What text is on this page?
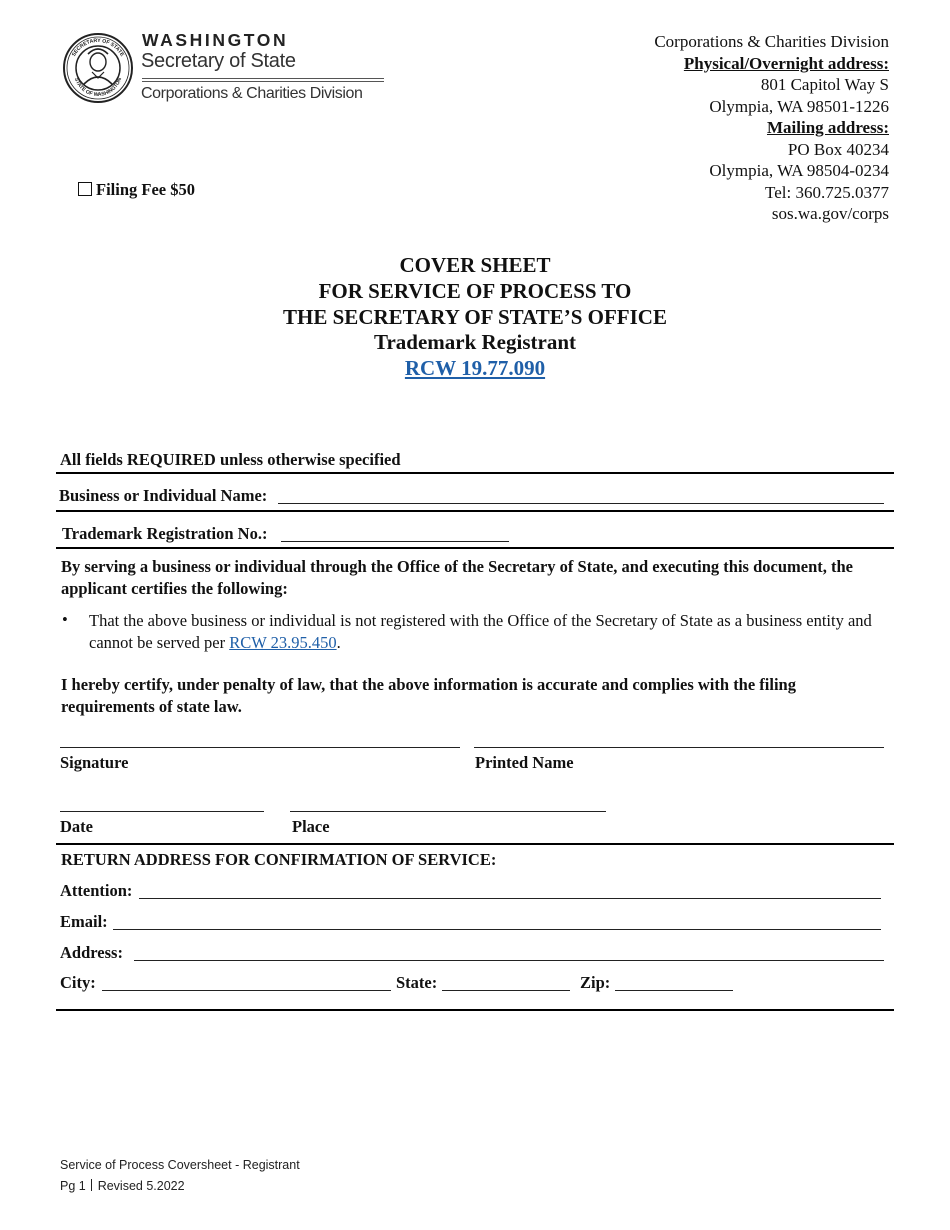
SECRETARY OF STATE
STATE OF WASHINGTON
WASHINGTON
Secretary of State
Corporations & Charities Division
Corporations & Charities Division
Physical/Overnight address:
801 Capitol Way S
Olympia, WA 98501-1226
Mailing address:
PO Box 40234
Olympia, WA 98504-0234
Tel: 360.725.0377
sos.wa.gov/corps
Filing Fee $50
COVER SHEET
FOR SERVICE OF PROCESS TO
THE SECRETARY OF STATE’S OFFICE
Trademark Registrant
RCW 19.77.090
All fields REQUIRED unless otherwise specified
Business or Individual Name:
Trademark Registration No.:
By serving a business or individual through the Office of the Secretary of State, and executing this document, the applicant certifies the following:
• That the above business or individual is not registered with the Office of the Secretary of State as a business entity and cannot be served per RCW 23.95.450.
I hereby certify, under penalty of law, that the above information is accurate and complies with the filing requirements of state law.
Signature	Printed Name
Date	Place
RETURN ADDRESS FOR CONFIRMATION OF SERVICE:
Attention:
Email:
Address:
City:	State:	Zip:
Service of Process Coversheet - Registrant
Pg 1 Revised 5.2022
